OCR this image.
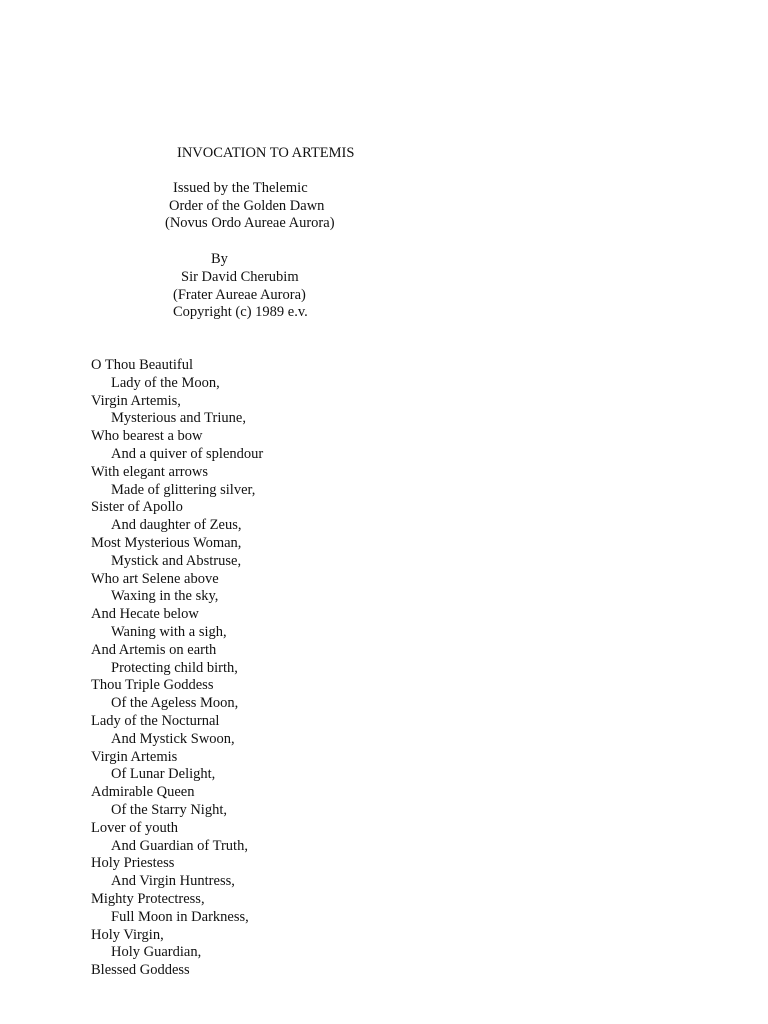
INVOCATION TO ARTEMIS
Issued by the Thelemic
Order of the Golden Dawn
(Novus Ordo Aureae Aurora)
By
Sir David Cherubim
(Frater Aureae Aurora)
Copyright (c) 1989 e.v.
O Thou Beautiful
Lady of the Moon,
Virgin Artemis,
Mysterious and Triune,
Who bearest a bow
And a quiver of splendour
With elegant arrows
Made of glittering silver,
Sister of Apollo
And daughter of Zeus,
Most Mysterious Woman,
Mystick and Abstruse,
Who art Selene above
Waxing in the sky,
And Hecate below
Waning with a sigh,
And Artemis on earth
Protecting child birth,
Thou Triple Goddess
Of the Ageless Moon,
Lady of the Nocturnal
And Mystick Swoon,
Virgin Artemis
Of Lunar Delight,
Admirable Queen
Of the Starry Night,
Lover of youth
And Guardian of Truth,
Holy Priestess
And Virgin Huntress,
Mighty Protectress,
Full Moon in Darkness,
Holy Virgin,
Holy Guardian,
Blessed Goddess
